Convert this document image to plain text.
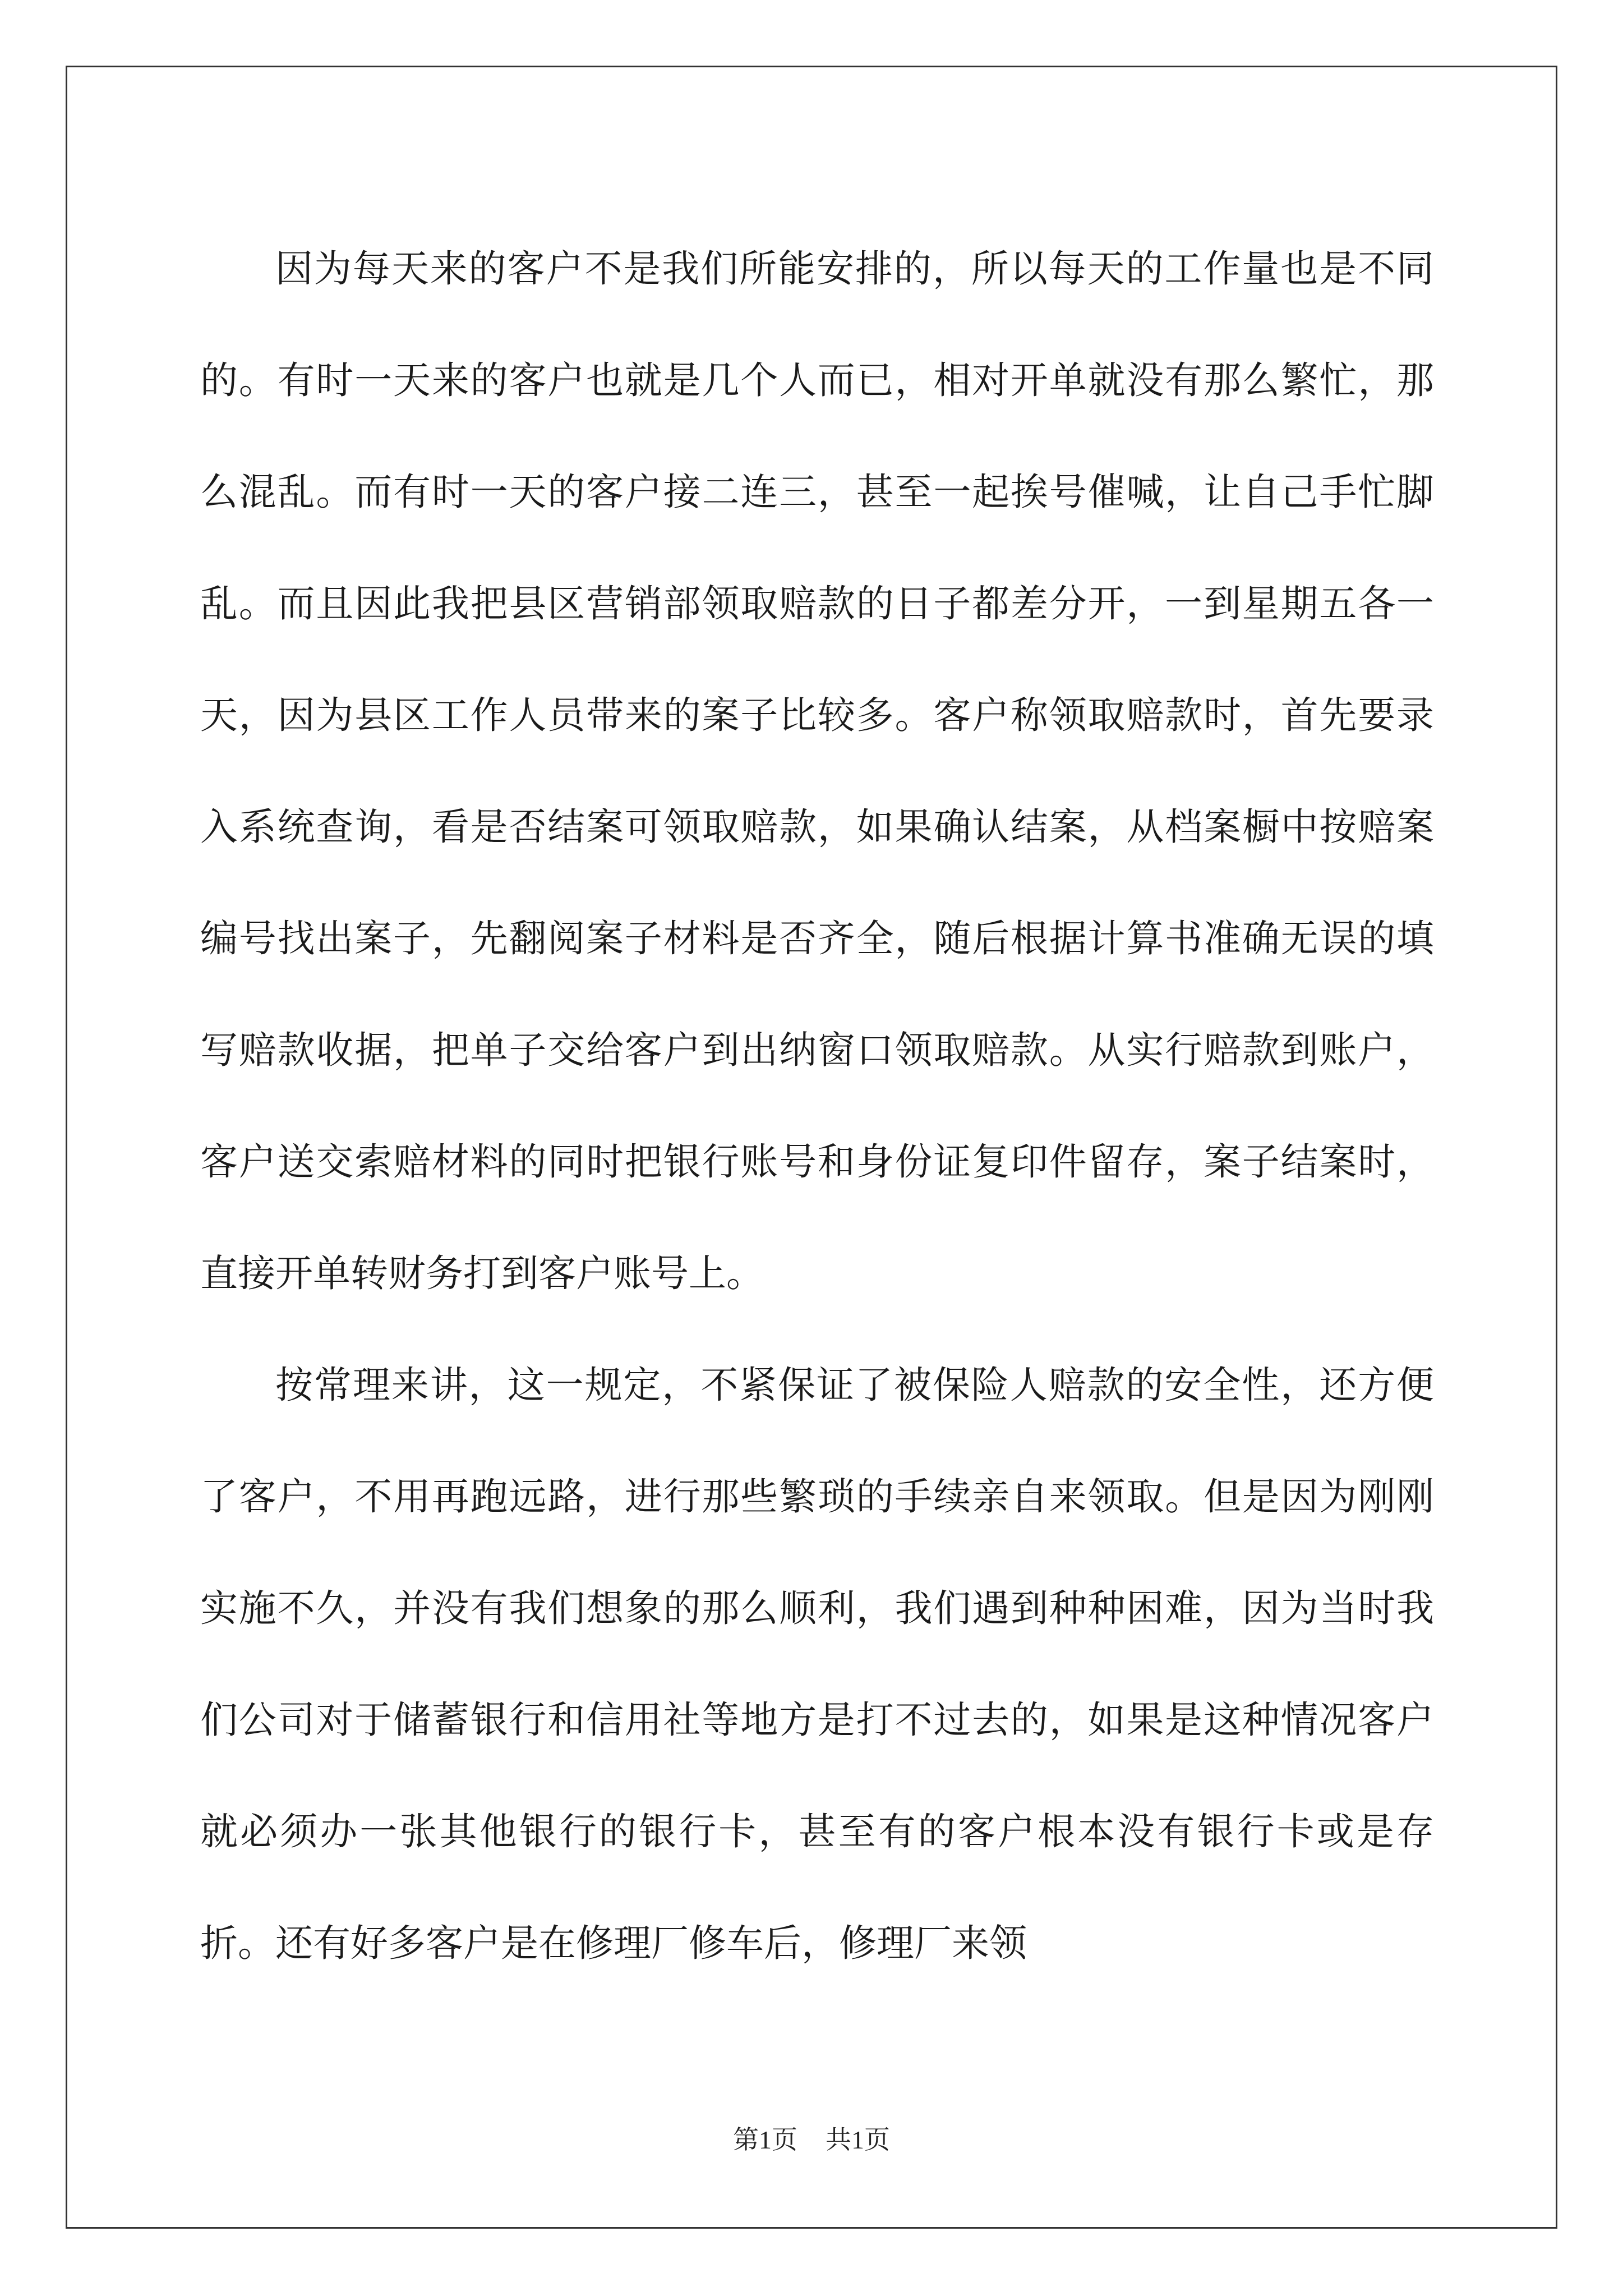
因为每天来的客户不是我们所能安排的，所以每天的工作量也是不同的。有时一天来的客户也就是几个人而已，相对开单就没有那么繁忙，那么混乱。而有时一天的客户接二连三，甚至一起挨号催喊，让自己手忙脚乱。而且因此我把县区营销部领取赔款的日子都差分开，一到星期五各一天，因为县区工作人员带来的案子比较多。客户称领取赔款时，首先要录入系统查询，看是否结案可领取赔款，如果确认结案，从档案橱中按赔案编号找出案子，先翻阅案子材料是否齐全，随后根据计算书准确无误的填写赔款收据，把单子交给客户到出纳窗口领取赔款。从实行赔款到账户，客户送交索赔材料的同时把银行账号和身份证复印件留存，案子结案时，直接开单转财务打到客户账号上。

按常理来讲，这一规定，不紧保证了被保险人赔款的安全性，还方便了客户，不用再跑远路，进行那些繁琐的手续亲自来领取。但是因为刚刚实施不久，并没有我们想象的那么顺利，我们遇到种种困难，因为当时我们公司对于储蓄银行和信用社等地方是打不过去的，如果是这种情况客户就必须办一张其他银行的银行卡，甚至有的客户根本没有银行卡或是存折。还有好多客户是在修理厂修车后，修理厂来领

第1页 共1页
